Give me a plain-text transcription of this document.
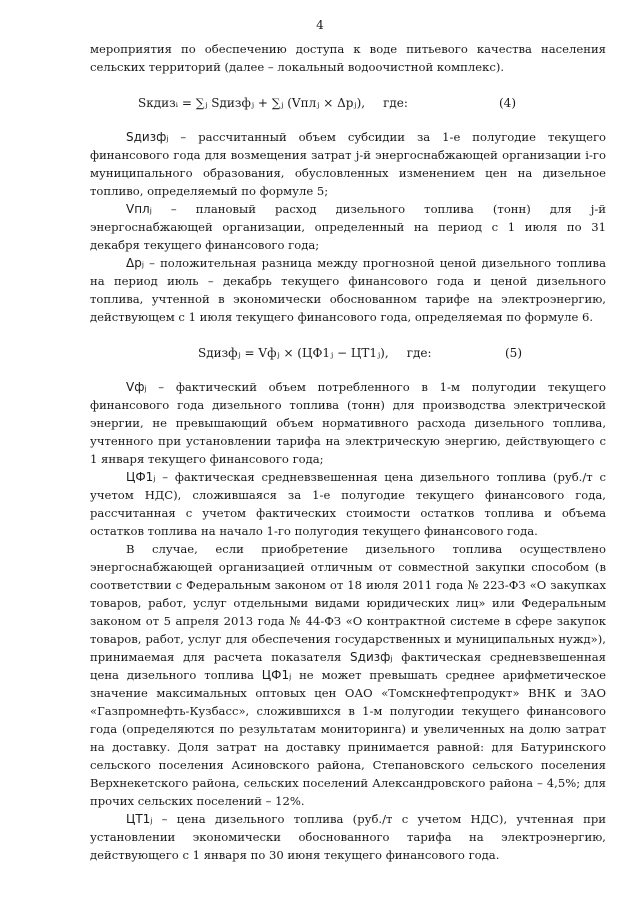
4

мероприятия по обеспечению доступа к воде питьевого качества населения сельских территорий (далее – локальный водоочистной комплекс).

Sкдизᵢ = ∑ⱼ Sдизфⱼ + ∑ⱼ (Vплⱼ × Δpⱼ), где:	(4)

Sдизфⱼ – рассчитанный объем субсидии за 1-е полугодие текущего финансового года для возмещения затрат j-й энергоснабжающей организации i-го муниципального образования, обусловленных изменением цен на дизельное топливо, определяемый по формуле 5;

Vплⱼ – плановый расход дизельного топлива (тонн) для j-й энергоснабжающей организации, определенный на период с 1 июля по 31 декабря текущего финансового года;

Δpⱼ – положительная разница между прогнозной ценой дизельного топлива на период июль – декабрь текущего финансового года и ценой дизельного топлива, учтенной в экономически обоснованном тарифе на электроэнергию, действующем с 1 июля текущего финансового года, определяемая по формуле 6.

Sдизфⱼ = Vфⱼ × (ЦФ1ⱼ − ЦТ1ⱼ), где:	(5)

Vфⱼ – фактический объем потребленного в 1-м полугодии текущего финансового года дизельного топлива (тонн) для производства электрической энергии, не превышающий объем нормативного расхода дизельного топлива, учтенного при установлении тарифа на электрическую энергию, действующего с 1 января текущего финансового года;

ЦФ1ⱼ – фактическая средневзвешенная цена дизельного топлива (руб./т с учетом НДС), сложившаяся за 1-е полугодие текущего финансового года, рассчитанная с учетом фактических стоимости остатков топлива и объема остатков топлива на начало 1-го полугодия текущего финансового года.

В случае, если приобретение дизельного топлива осуществлено энергоснабжающей организацией отличным от совместной закупки способом (в соответствии с Федеральным законом от 18 июля 2011 года № 223-ФЗ «О закупках товаров, работ, услуг отдельными видами юридических лиц» или Федеральным законом от 5 апреля 2013 года № 44-ФЗ «О контрактной системе в сфере закупок товаров, работ, услуг для обеспечения государственных и муниципальных нужд»), принимаемая для расчета показателя Sдизфⱼ фактическая средневзвешенная цена дизельного топлива ЦФ1ⱼ не может превышать среднее арифметическое значение максимальных оптовых цен ОАО «Томскнефтепродукт» ВНК и ЗАО «Газпромнефть-Кузбасс», сложившихся в 1-м полугодии текущего финансового года (определяются по результатам мониторинга) и увеличенных на долю затрат на доставку. Доля затрат на доставку принимается равной: для Батуринского сельского поселения Асиновского района, Степановского сельского поселения Верхнекетского района, сельских поселений Александровского района – 4,5%; для прочих сельских поселений – 12%.

ЦТ1ⱼ – цена дизельного топлива (руб./т с учетом НДС), учтенная при установлении экономически обоснованного тарифа на электроэнергию, действующего с 1 января по 30 июня текущего финансового года.
